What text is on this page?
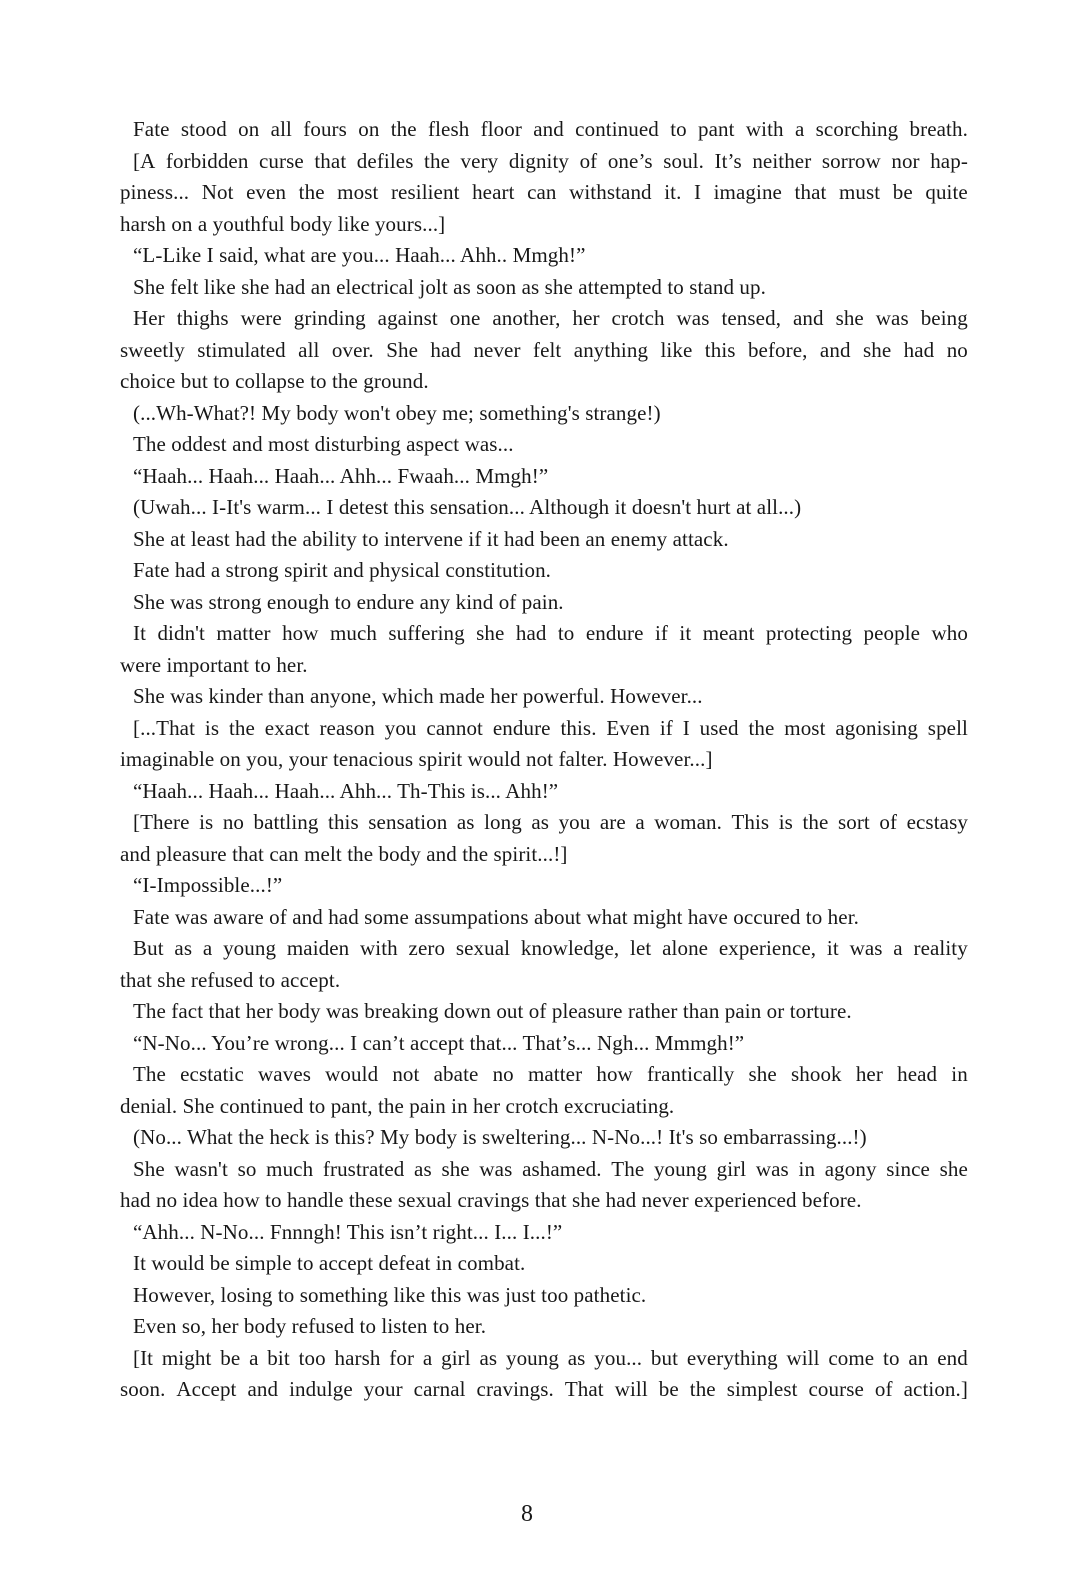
Fate stood on all fours on the flesh floor and continued to pant with a scorching breath.
[A forbidden curse that defiles the very dignity of one’s soul. It’s neither sorrow nor hap-
piness... Not even the most resilient heart can withstand it. I imagine that must be quite
harsh on a youthful body like yours...]
“L-Like I said, what are you... Haah... Ahh.. Mmgh!”
She felt like she had an electrical jolt as soon as she attempted to stand up.
Her thighs were grinding against one another, her crotch was tensed, and she was being
sweetly stimulated all over. She had never felt anything like this before, and she had no
choice but to collapse to the ground.
(...Wh-What?! My body won't obey me; something's strange!)
The oddest and most disturbing aspect was...
“Haah... Haah... Haah... Ahh... Fwaah... Mmgh!”
(Uwah... I-It's warm... I detest this sensation... Although it doesn't hurt at all...)
She at least had the ability to intervene if it had been an enemy attack.
Fate had a strong spirit and physical constitution.
She was strong enough to endure any kind of pain.
It didn't matter how much suffering she had to endure if it meant protecting people who
were important to her.
She was kinder than anyone, which made her powerful. However...
[...That is the exact reason you cannot endure this. Even if I used the most agonising spell
imaginable on you, your tenacious spirit would not falter. However...]
“Haah... Haah... Haah... Ahh... Th-This is... Ahh!”
[There is no battling this sensation as long as you are a woman. This is the sort of ecstasy
and pleasure that can melt the body and the spirit...!]
“I-Impossible...!”
Fate was aware of and had some assumpations about what might have occured to her.
But as a young maiden with zero sexual knowledge, let alone experience, it was a reality
that she refused to accept.
The fact that her body was breaking down out of pleasure rather than pain or torture.
“N-No... You’re wrong... I can’t accept that... That’s... Ngh... Mmmgh!”
The ecstatic waves would not abate no matter how frantically she shook her head in
denial. She continued to pant, the pain in her crotch excruciating.
(No... What the heck is this? My body is sweltering... N-No...! It's so embarrassing...!)
She wasn't so much frustrated as she was ashamed. The young girl was in agony since she
had no idea how to handle these sexual cravings that she had never experienced before.
“Ahh... N-No... Fnnngh! This isn’t right... I... I...!”
It would be simple to accept defeat in combat.
However, losing to something like this was just too pathetic.
Even so, her body refused to listen to her.
[It might be a bit too harsh for a girl as young as you... but everything will come to an end
soon. Accept and indulge your carnal cravings. That will be the simplest course of action.]
8
